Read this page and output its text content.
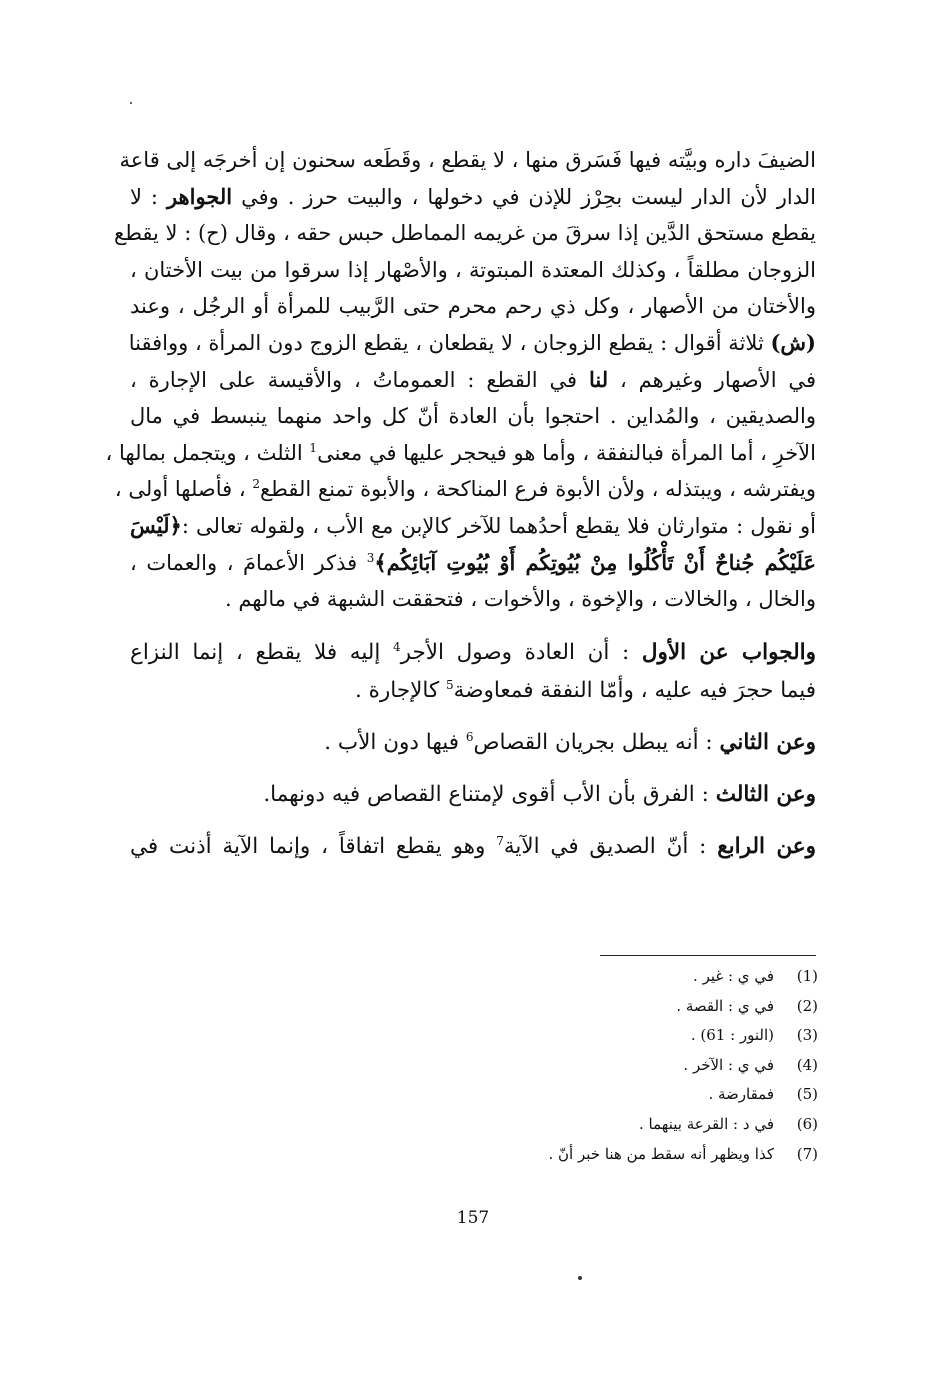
الضيفَ داره وبيَّته فيها فَسَرق منها ، لا يقطع ، وقَطَعه سحنون إن أخرجَه إلى قاعة
الدار لأن الدار ليست بحِرْز للإذن في دخولها ، والبيت حرز . وفي الجواهر : لا
يقطع مستحق الدَّين إذا سرقَ من غريمه المماطل حبس حقه ، وقال (ح) : لا يقطع
الزوجان مطلقاً ، وكذلك المعتدة المبتوتة ، والأصْهار إذا سرقوا من بيت الأختان ،
والأختان من الأصهار ، وكل ذي رحم محرم حتى الرَّبيب للمرأة أو الرجُل ، وعند
(ش) ثلاثة أقوال : يقطع الزوجان ، لا يقطعان ، يقطع الزوج دون المرأة ، ووافقنا
في الأصهار وغيرهم ، لنا في القطع : العموماتُ ، والأقيسة على الإجارة ،
والصديقين ، والمُداين . احتجوا بأن العادة أنّ كل واحد منهما ينبسط في مال
الآخرِ ، أما المرأة فبالنفقة ، وأما هو فيحجر عليها في معنى$^1$ الثلث ، ويتجمل بمالها ،
ويفترشه ، ويبتذله ، ولأن الأبوة فرع المناكحة ، والأبوة تمنع القطع$^2$ ، فأصلها أولى ،
أو نقول : متوارثان فلا يقطع أحدُهما للآخر كالإبن مع الأب ، ولقوله تعالى :﴿لَيْسَ
عَلَيْكُم جُناحٌ أَنْ تَأْكُلُوا مِنْ بُيُوتِكُم أَوْ بُيُوتِ آبَائِكُم﴾$^3$ فذكر الأعمامَ ، والعمات ،
والخال ، والخالات ، والإخوة ، والأخوات ، فتحققت الشبهة في مالهم .
والجواب عن الأول : أن العادة وصول الأجر$^4$ إليه فلا يقطع ، إنما النزاع
فيما حجرَ فيه عليه ، وأمّا النفقة فمعاوضة$^5$ كالإجارة .
وعن الثاني : أنه يبطل بجريان القصاص$^6$ فيها دون الأب .
وعن الثالث : الفرق بأن الأب أقوى لإمتناع القصاص فيه دونهما.
وعن الرابع : أنّ الصديق في الآية$^7$ وهو يقطع اتفاقاً ، وإنما الآية أذنت في
(1)
في ي : غير .
(2)
في ي : القصة .
(3)
(النور : 61) .
(4)
في ي : الآخر .
(5)
فمقارضة .
(6)
في د : القرعة بينهما .
(7)
كذا ويظهر أنه سقط من هنا خبر أنّ .
157
